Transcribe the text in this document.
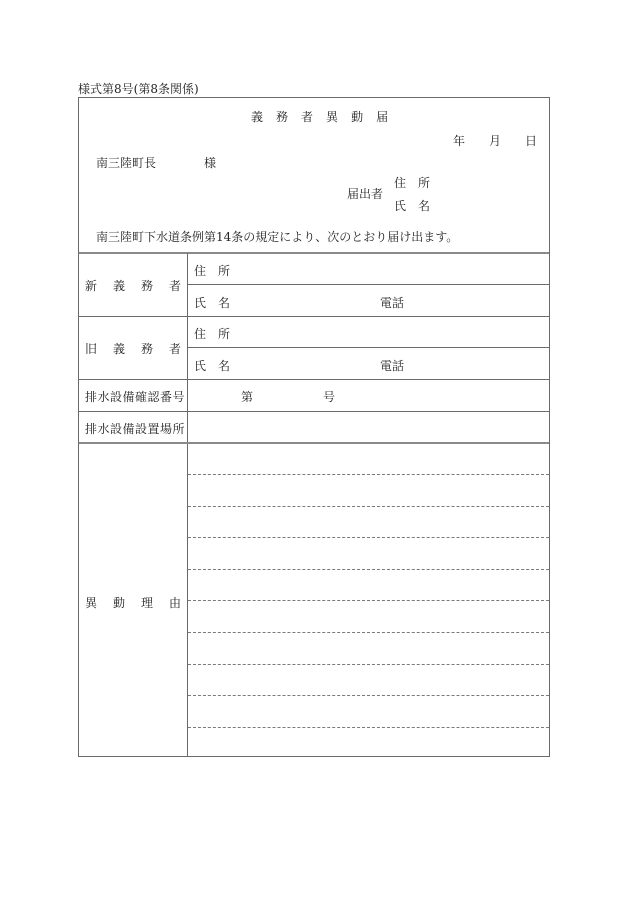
様式第8号(第8条関係)
義 務 者 異 動 届
年 月 日
南三陸町長	様
届出者
住　所
氏　名
南三陸町下水道条例第14条の規定により、次のとおり届け出ます。
新 義 務 者
住　所
氏　名	電話
旧 義 務 者
住　所
氏　名	電話
排水設備確認番号	第	号
排水設備設置場所
異 動 理 由
